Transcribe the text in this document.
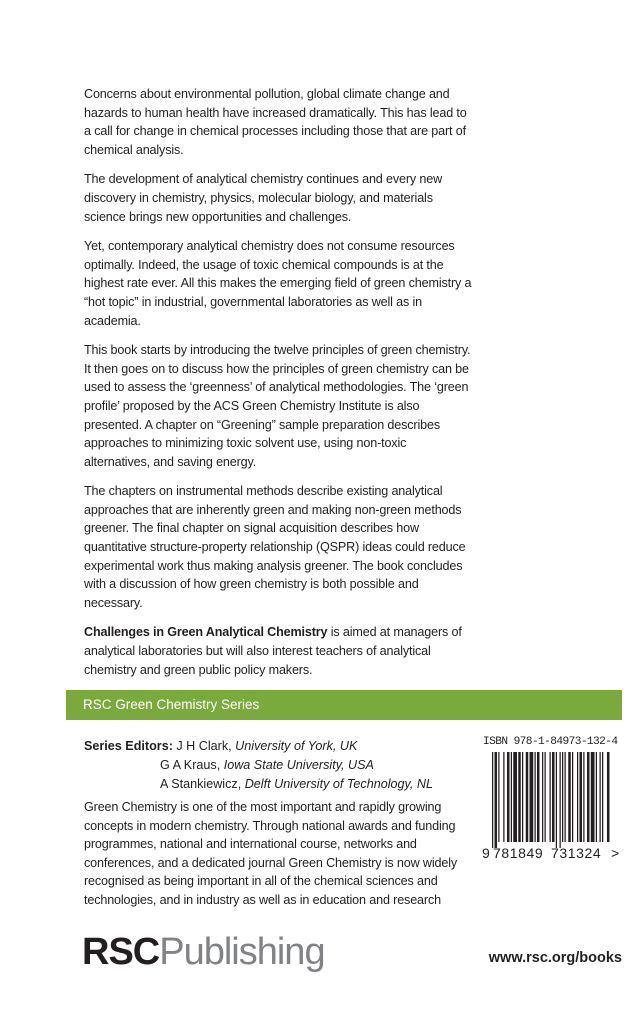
Concerns about environmental pollution, global climate change and hazards to human health have increased dramatically. This has lead to a call for change in chemical processes including those that are part of chemical analysis.

The development of analytical chemistry continues and every new discovery in chemistry, physics, molecular biology, and materials science brings new opportunities and challenges.

Yet, contemporary analytical chemistry does not consume resources optimally. Indeed, the usage of toxic chemical compounds is at the highest rate ever. All this makes the emerging field of green chemistry a “hot topic” in industrial, governmental laboratories as well as in academia.

This book starts by introducing the twelve principles of green chemistry. It then goes on to discuss how the principles of green chemistry can be used to assess the ‘greenness’ of analytical methodologies. The ‘green profile’ proposed by the ACS Green Chemistry Institute is also presented. A chapter on “Greening” sample preparation describes approaches to minimizing toxic solvent use, using non-toxic alternatives, and saving energy.

The chapters on instrumental methods describe existing analytical approaches that are inherently green and making non-green methods greener. The final chapter on signal acquisition describes how quantitative structure-property relationship (QSPR) ideas could reduce experimental work thus making analysis greener. The book concludes with a discussion of how green chemistry is both possible and necessary.

Challenges in Green Analytical Chemistry is aimed at managers of analytical laboratories but will also interest teachers of analytical chemistry and green public policy makers.

RSC Green Chemistry Series
Series Editors: J H Clark, University of York, UK
G A Kraus, Iowa State University, USA
A Stankiewicz, Delft University of Technology, NL
Green Chemistry is one of the most important and rapidly growing concepts in modern chemistry. Through national awards and funding programmes, national and international course, networks and conferences, and a dedicated journal Green Chemistry is now widely recognised as being important in all of the chemical sciences and technologies, and in industry as well as in education and research
ISBN 978-1-84973-132-4
9 781849 731324 >
RSCPublishing	www.rsc.org/books
